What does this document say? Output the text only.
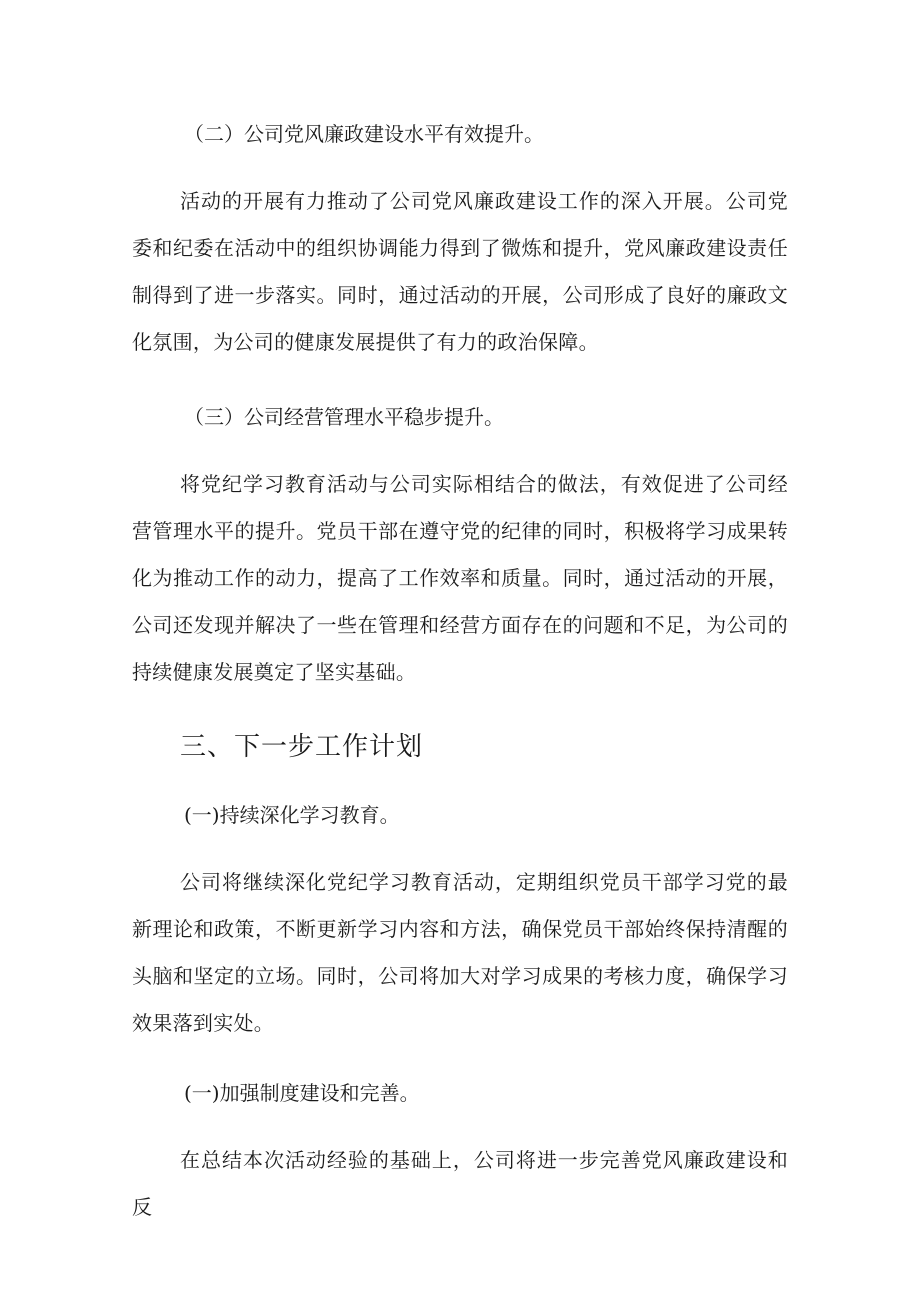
（二）公司党风廉政建设水平有效提升。

活动的开展有力推动了公司党风廉政建设工作的深入开展。公司党委和纪委在活动中的组织协调能力得到了微炼和提升，党风廉政建设责任制得到了进一步落实。同时，通过活动的开展，公司形成了良好的廉政文化氛围，为公司的健康发展提供了有力的政治保障。

（三）公司经营管理水平稳步提升。

将党纪学习教育活动与公司实际相结合的做法，有效促进了公司经营管理水平的提升。党员干部在遵守党的纪律的同时，积极将学习成果转化为推动工作的动力，提高了工作效率和质量。同时，通过活动的开展，公司还发现并解决了一些在管理和经营方面存在的问题和不足，为公司的持续健康发展奠定了坚实基础。

三、下一步工作计划

(一)持续深化学习教育。

公司将继续深化党纪学习教育活动，定期组织党员干部学习党的最新理论和政策，不断更新学习内容和方法，确保党员干部始终保持清醒的头脑和坚定的立场。同时，公司将加大对学习成果的考核力度，确保学习效果落到实处。

(一)加强制度建设和完善。

在总结本次活动经验的基础上，公司将进一步完善党风廉政建设和反
